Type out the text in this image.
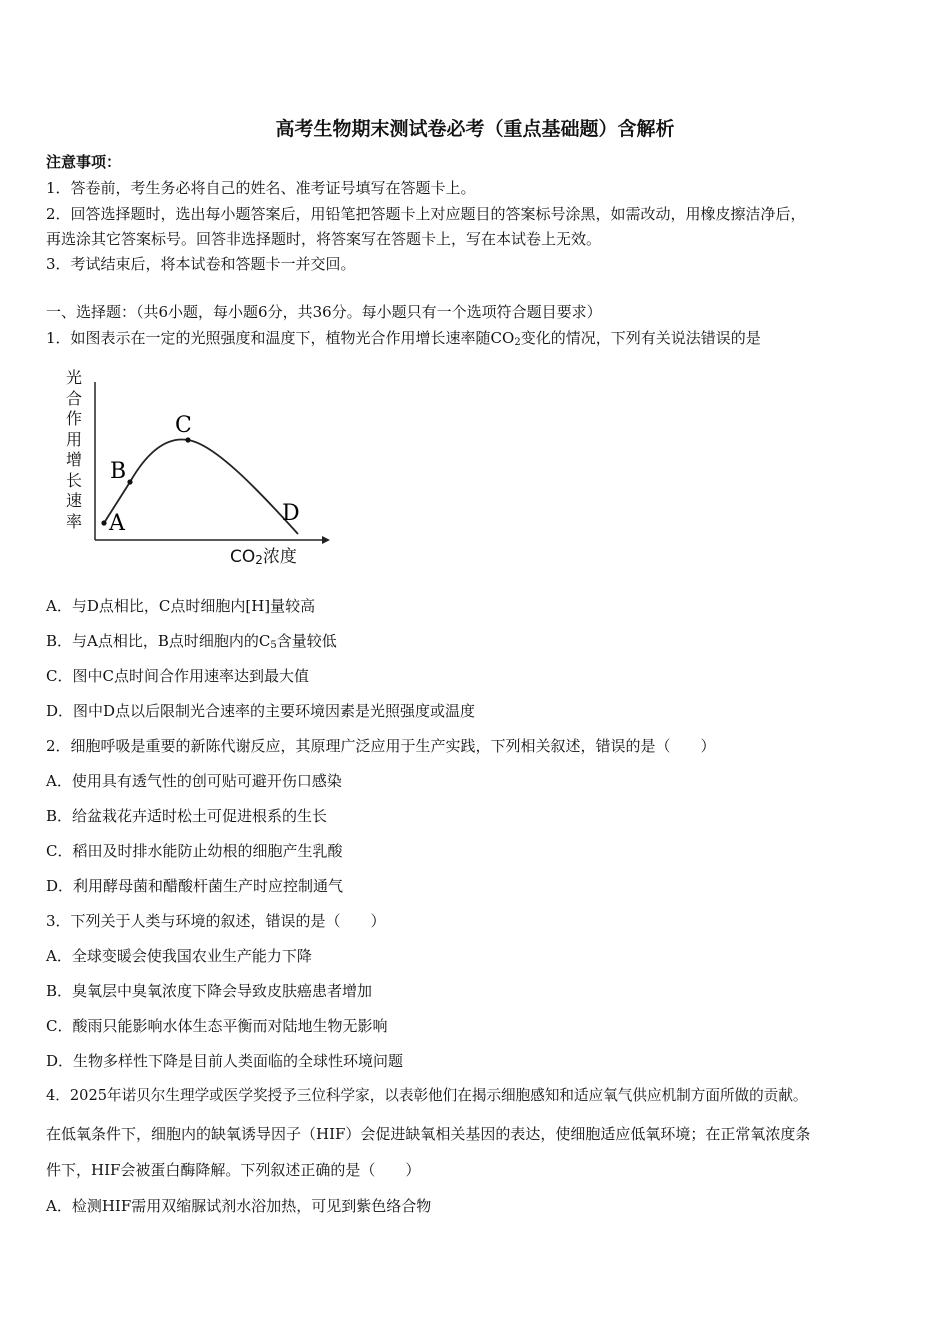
高考生物期末测试卷必考（重点基础题）含解析
注意事项：
1．答卷前，考生务必将自己的姓名、准考证号填写在答题卡上。
2．回答选择题时，选出每小题答案后，用铅笔把答题卡上对应题目的答案标号涂黑，如需改动，用橡皮擦洁净后，
再选涂其它答案标号。回答非选择题时，将答案写在答题卡上，写在本试卷上无效。
3．考试结束后，将本试卷和答题卡一并交回。
一、选择题：（共6小题，每小题6分，共36分。每小题只有一个选项符合题目要求）
1．如图表示在一定的光照强度和温度下，植物光合作用增长速率随$CO_2$变化的情况，下列有关说法错误的是
光
合
作
用
增
长
速
率 A
B
C
D
$CO_2$浓度
A．与D点相比，C点时细胞内[H]量较高
B．与A点相比，B点时细胞内的$C_5$含量较低
C．图中C点时间合作用速率达到最大值
D．图中D点以后限制光合速率的主要环境因素是光照强度或温度
2．细胞呼吸是重要的新陈代谢反应，其原理广泛应用于生产实践，下列相关叙述，错误的是（　　）
A．使用具有透气性的创可贴可避开伤口感染
B．给盆栽花卉适时松土可促进根系的生长
C．稻田及时排水能防止幼根的细胞产生乳酸
D．利用酵母菌和醋酸杆菌生产时应控制通气
3．下列关于人类与环境的叙述，错误的是（　　）
A．全球变暖会使我国农业生产能力下降
B．臭氧层中臭氧浓度下降会导致皮肤癌患者增加
C．酸雨只能影响水体生态平衡而对陆地生物无影响
D．生物多样性下降是目前人类面临的全球性环境问题
4．2025年诺贝尔生理学或医学奖授予三位科学家，以表彰他们在揭示细胞感知和适应氧气供应机制方面所做的贡献。
在低氧条件下，细胞内的缺氧诱导因子（HIF）会促进缺氧相关基因的表达，使细胞适应低氧环境；在正常氧浓度条
件下，HIF会被蛋白酶降解。下列叙述正确的是（　　）
A．检测HIF需用双缩脲试剂水浴加热，可见到紫色络合物
